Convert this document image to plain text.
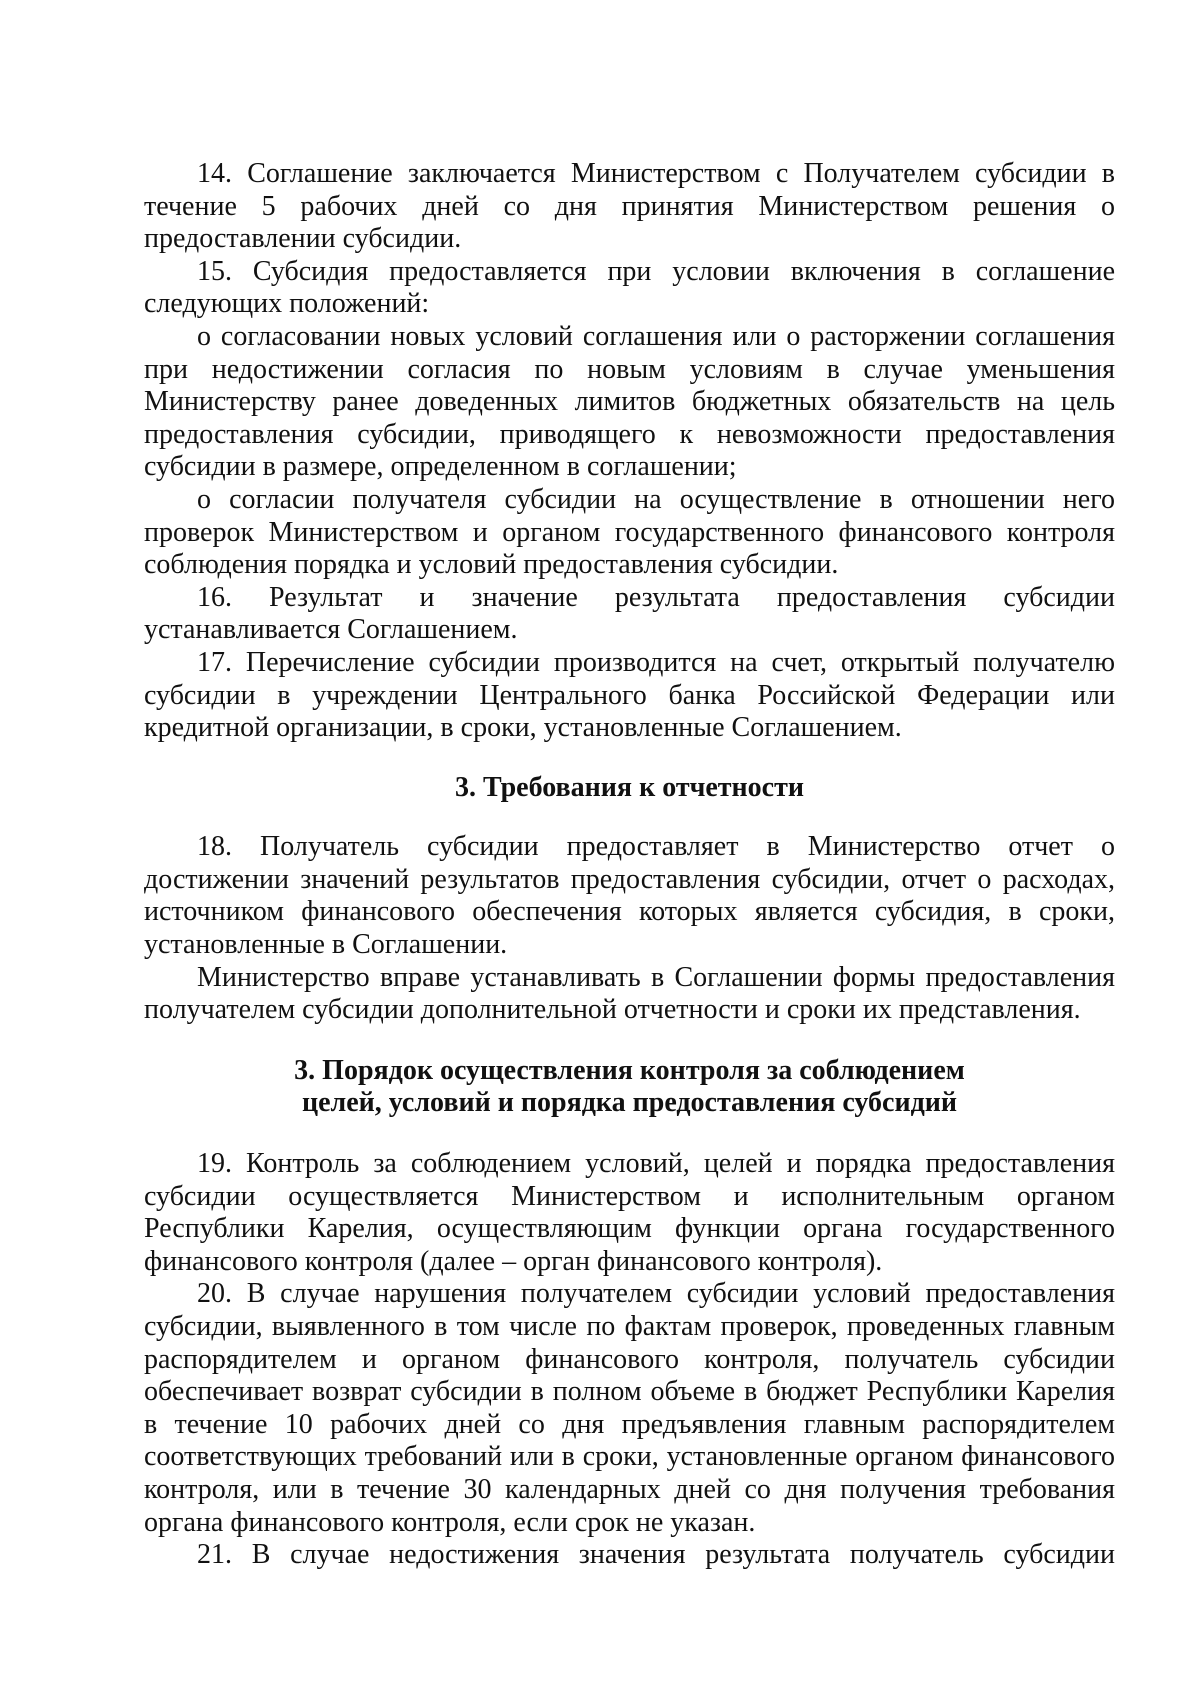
14. Соглашение заключается Министерством с Получателем субсидии в течение 5 рабочих дней со дня принятия Министерством решения о предоставлении субсидии.

15. Субсидия предоставляется при условии включения в соглашение следующих положений:

о согласовании новых условий соглашения или о расторжении соглашения при недостижении согласия по новым условиям в случае уменьшения Министерству ранее доведенных лимитов бюджетных обязательств на цель предоставления субсидии, приводящего к невозможности предоставления субсидии в размере, определенном в соглашении;

о согласии получателя субсидии на осуществление в отношении него проверок Министерством и органом государственного финансового контроля соблюдения порядка и условий предоставления субсидии.

16. Результат и значение результата предоставления субсидии устанавливается Соглашением.

17. Перечисление субсидии производится на счет, открытый получателю субсидии в учреждении Центрального банка Российской Федерации или кредитной организации, в сроки, установленные Соглашением.

3. Требования к отчетности

18. Получатель субсидии предоставляет в Министерство отчет о достижении значений результатов предоставления субсидии, отчет о расходах, источником финансового обеспечения которых является субсидия, в сроки, установленные в Соглашении.

Министерство вправе устанавливать в Соглашении формы предоставления получателем субсидии дополнительной отчетности и сроки их представления.

3. Порядок осуществления контроля за соблюдением

целей, условий и порядка предоставления субсидий

19. Контроль за соблюдением условий, целей и порядка предоставления субсидии осуществляется Министерством и исполнительным органом Республики Карелия, осуществляющим функции органа государственного финансового контроля (далее – орган финансового контроля).

20. В случае нарушения получателем субсидии условий предоставления субсидии, выявленного в том числе по фактам проверок, проведенных главным распорядителем и органом финансового контроля, получатель субсидии обеспечивает возврат субсидии в полном объеме в бюджет Республики Карелия в течение 10 рабочих дней со дня предъявления главным распорядителем соответствующих требований или в сроки, установленные органом финансового контроля, или в течение 30 календарных дней со дня получения требования органа финансового контроля, если срок не указан.

21. В случае недостижения значения результата получатель субсидии
